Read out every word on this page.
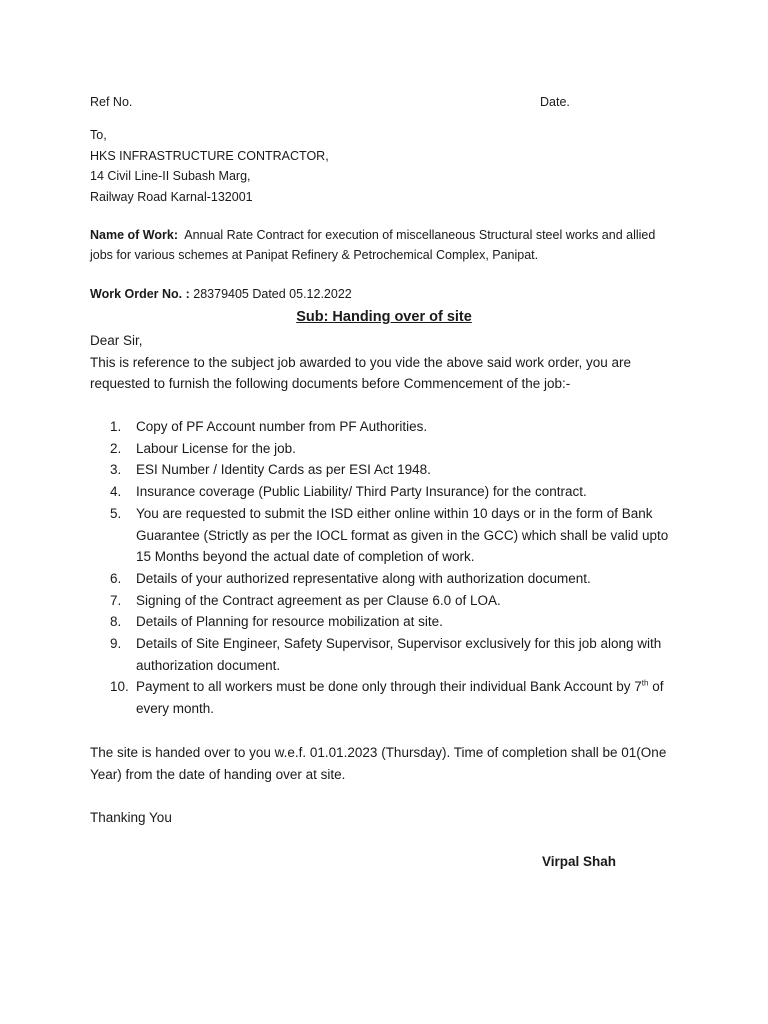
Ref No.	Date.
To,
HKS INFRASTRUCTURE CONTRACTOR,
14 Civil Line-II Subash Marg,
Railway Road Karnal-132001
Name of Work: Annual Rate Contract for execution of miscellaneous Structural steel works and allied jobs for various schemes at Panipat Refinery & Petrochemical Complex, Panipat.
Work Order No. : 28379405 Dated 05.12.2022
Sub: Handing over of site

Dear Sir,

This is reference to the subject job awarded to you vide the above said work order, you are requested to furnish the following documents before Commencement of the job:-

1.	Copy of PF Account number from PF Authorities.
2.	Labour License for the job.
3.	ESI Number / Identity Cards as per ESI Act 1948.
4.	Insurance coverage (Public Liability/ Third Party Insurance) for the contract.
5.	You are requested to submit the ISD either online within 10 days or in the form of Bank Guarantee (Strictly as per the IOCL format as given in the GCC) which shall be valid upto 15 Months beyond the actual date of completion of work.
6.	Details of your authorized representative along with authorization document.
7.	Signing of the Contract agreement as per Clause 6.0 of LOA.
8.	Details of Planning for resource mobilization at site.
9.	Details of Site Engineer, Safety Supervisor, Supervisor exclusively for this job along with authorization document.
10. Payment to all workers must be done only through their individual Bank Account by 7th of every month.
The site is handed over to you w.e.f. 01.01.2023 (Thursday). Time of completion shall be 01(One Year) from the date of handing over at site.
Thanking You
Virpal Shah
